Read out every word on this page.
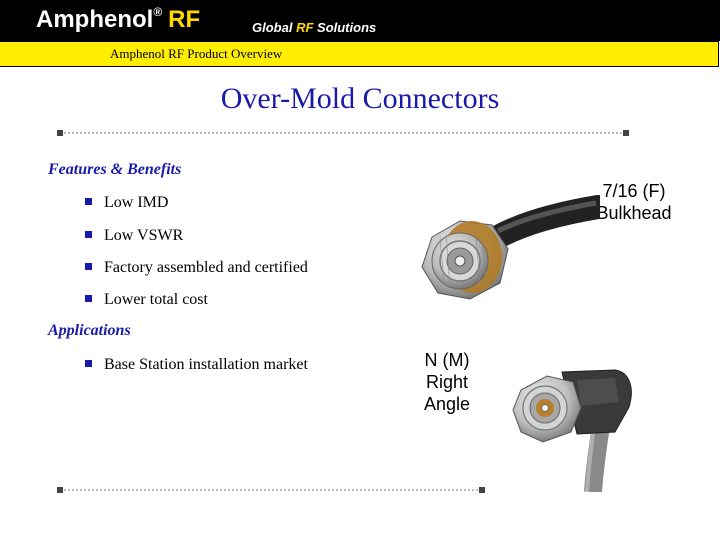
Amphenol® RF	Global RF Solutions
Amphenol RF Product Overview
Over-Mold Connectors
Features & Benefits
Low IMD
Low VSWR
Factory assembled and certified
Lower total cost
Applications
Base Station installation market
7/16 (F)
Bulkhead
N (M)
Right
Angle
